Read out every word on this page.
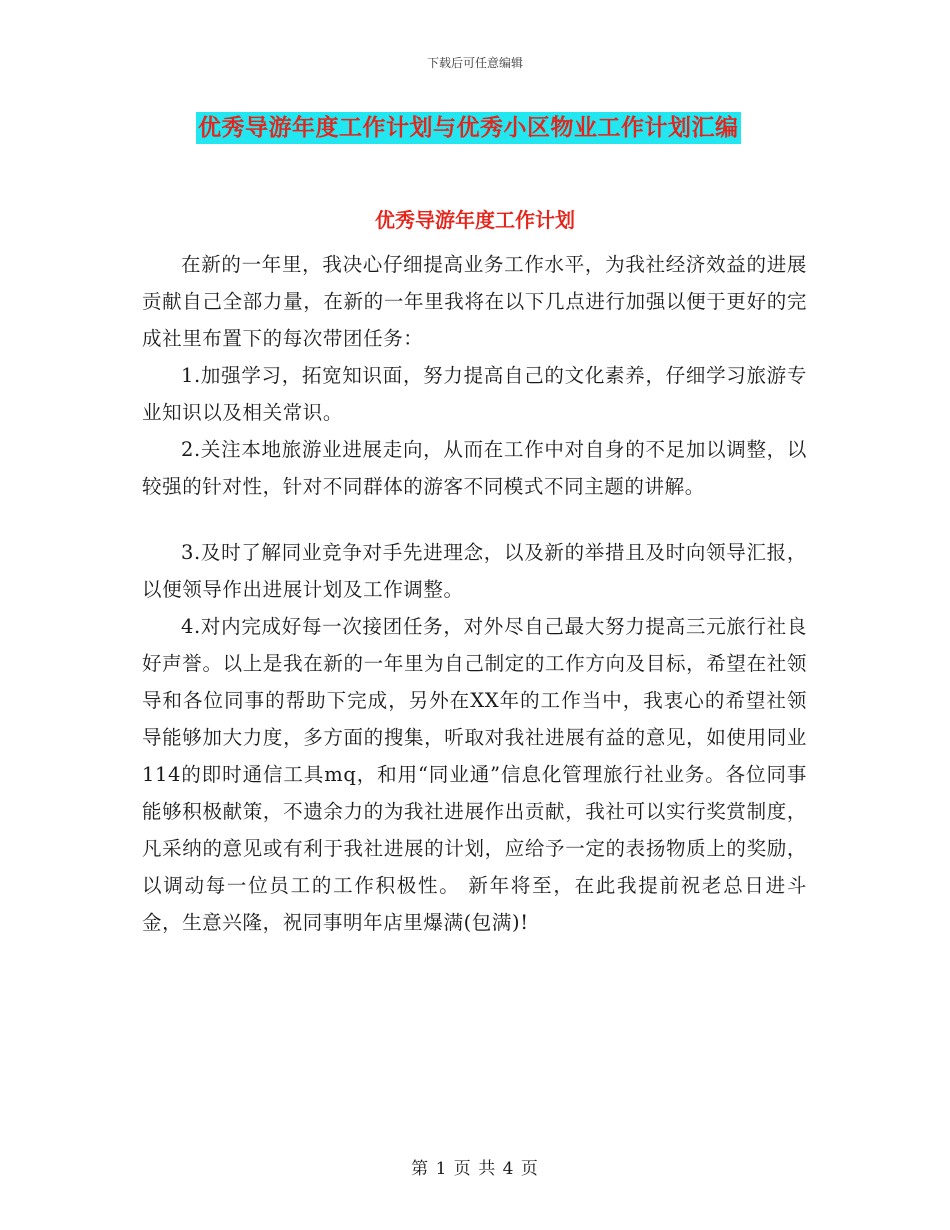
下载后可任意编辑
优秀导游年度工作计划与优秀小区物业工作计划汇编
优秀导游年度工作计划

在新的一年里，我决心仔细提高业务工作水平，为我社经济效益的进展贡献自己全部力量，在新的一年里我将在以下几点进行加强以便于更好的完成社里布置下的每次带团任务：

1.加强学习，拓宽知识面，努力提高自己的文化素养，仔细学习旅游专业知识以及相关常识。

2.关注本地旅游业进展走向，从而在工作中对自身的不足加以调整，以较强的针对性，针对不同群体的游客不同模式不同主题的讲解。

3.及时了解同业竞争对手先进理念，以及新的举措且及时向领导汇报，以便领导作出进展计划及工作调整。

4.对内完成好每一次接团任务，对外尽自己最大努力提高三元旅行社良好声誉。以上是我在新的一年里为自己制定的工作方向及目标，希望在社领导和各位同事的帮助下完成，另外在XX年的工作当中，我衷心的希望社领导能够加大力度，多方面的搜集，听取对我社进展有益的意见，如使用同业114的即时通信工具mq，和用“同业通”信息化管理旅行社业务。各位同事能够积极献策，不遗余力的为我社进展作出贡献，我社可以实行奖赏制度，凡采纳的意见或有利于我社进展的计划，应给予一定的表扬物质上的奖励，以调动每一位员工的工作积极性。 新年将至，在此我提前祝老总日进斗金，生意兴隆，祝同事明年店里爆满(包满)!

第 1 页 共 4 页
